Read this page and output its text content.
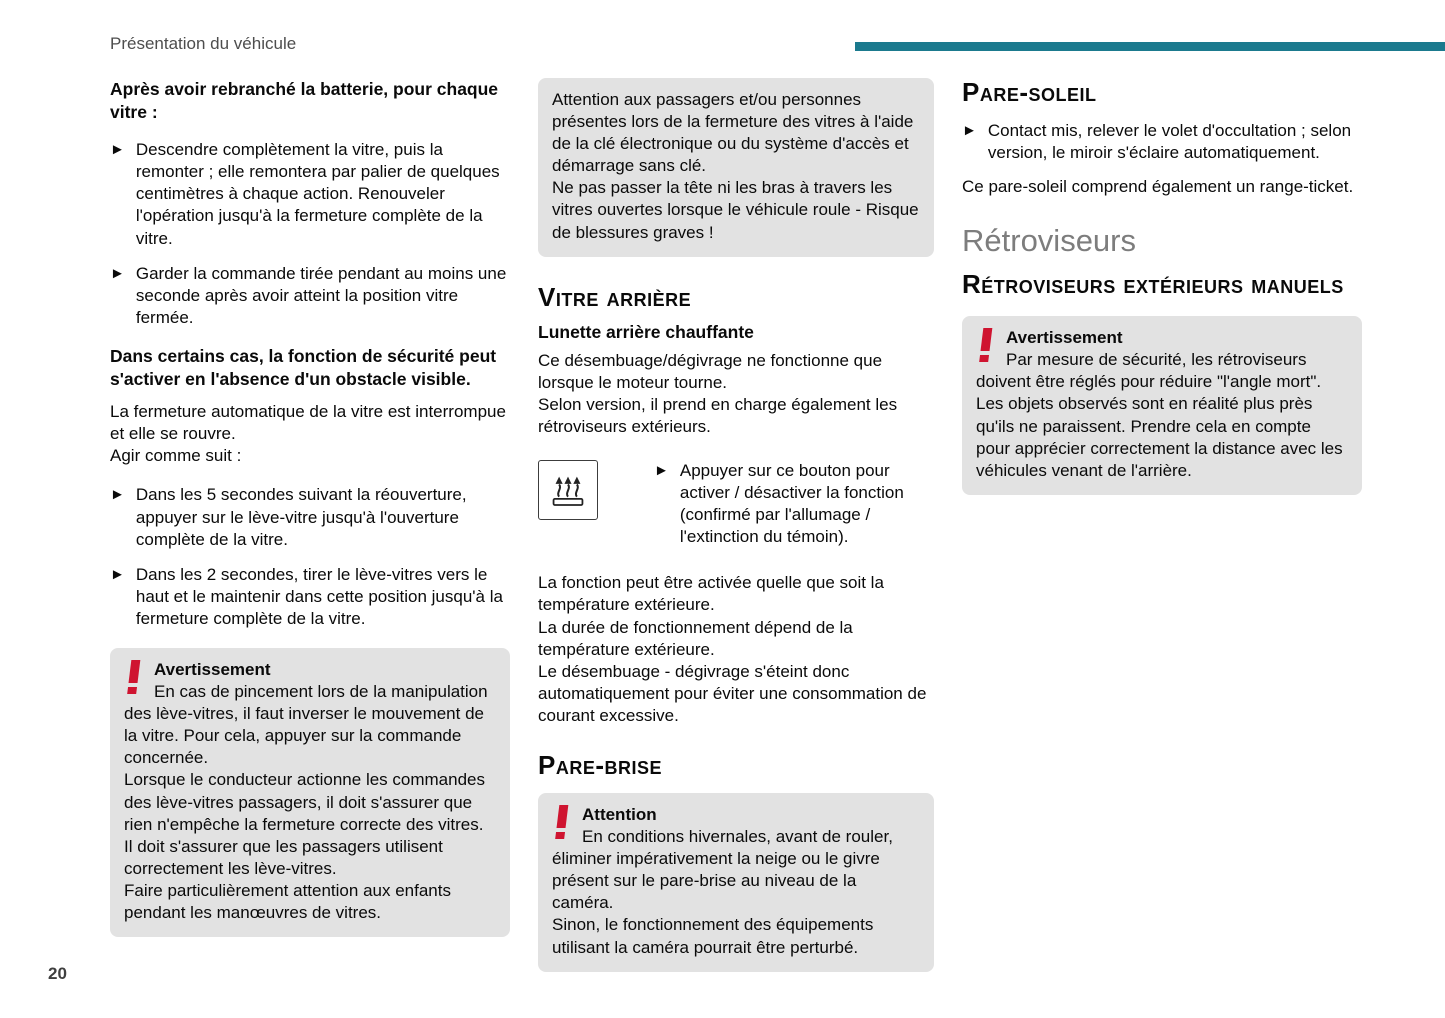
Présentation du véhicule
Après avoir rebranché la batterie, pour chaque vitre :
► Descendre complètement la vitre, puis la remonter ; elle remontera par palier de quelques centimètres à chaque action. Renouveler l'opération jusqu'à la fermeture complète de la vitre.
► Garder la commande tirée pendant au moins une seconde après avoir atteint la position vitre fermée.
Dans certains cas, la fonction de sécurité peut s'activer en l'absence d'un obstacle visible.

La fermeture automatique de la vitre est interrompue et elle se rouvre.

Agir comme suit :

► Dans les 5 secondes suivant la réouverture, appuyer sur le lève-vitre jusqu'à l'ouverture complète de la vitre.
► Dans les 2 secondes, tirer le lève-vitres vers le haut et le maintenir dans cette position jusqu'à la fermeture complète de la vitre.
Avertissement

En cas de pincement lors de la manipulation des lève-vitres, il faut inverser le mouvement de la vitre. Pour cela, appuyer sur la commande concernée.

Lorsque le conducteur actionne les commandes des lève-vitres passagers, il doit s'assurer que rien n'empêche la fermeture correcte des vitres.

Il doit s'assurer que les passagers utilisent correctement les lève-vitres.

Faire particulièrement attention aux enfants pendant les manœuvres de vitres.

Attention aux passagers et/ou personnes présentes lors de la fermeture des vitres à l'aide de la clé électronique ou du système d'accès et démarrage sans clé.

Ne pas passer la tête ni les bras à travers les vitres ouvertes lorsque le véhicule roule - Risque de blessures graves !

Vitre arrière
Lunette arrière chauffante

Ce désembuage/dégivrage ne fonctionne que lorsque le moteur tourne.

Selon version, il prend en charge également les rétroviseurs extérieurs.

► Appuyer sur ce bouton pour activer / désactiver la fonction (confirmé par l'allumage / l'extinction du témoin).

La fonction peut être activée quelle que soit la température extérieure.

La durée de fonctionnement dépend de la température extérieure.

Le désembuage - dégivrage s'éteint donc automatiquement pour éviter une consommation de courant excessive.

Pare-brise
Attention

En conditions hivernales, avant de rouler, éliminer impérativement la neige ou le givre présent sur le pare-brise au niveau de la caméra.

Sinon, le fonctionnement des équipements utilisant la caméra pourrait être perturbé.

Pare-soleil
► Contact mis, relever le volet d'occultation ; selon version, le miroir s'éclaire automatiquement.

Ce pare-soleil comprend également un range-ticket.

Rétroviseurs
Rétroviseurs extérieurs manuels
Avertissement

Par mesure de sécurité, les rétroviseurs doivent être réglés pour réduire "l'angle mort". Les objets observés sont en réalité plus près qu'ils ne paraissent. Prendre cela en compte pour apprécier correctement la distance avec les véhicules venant de l'arrière.

20
